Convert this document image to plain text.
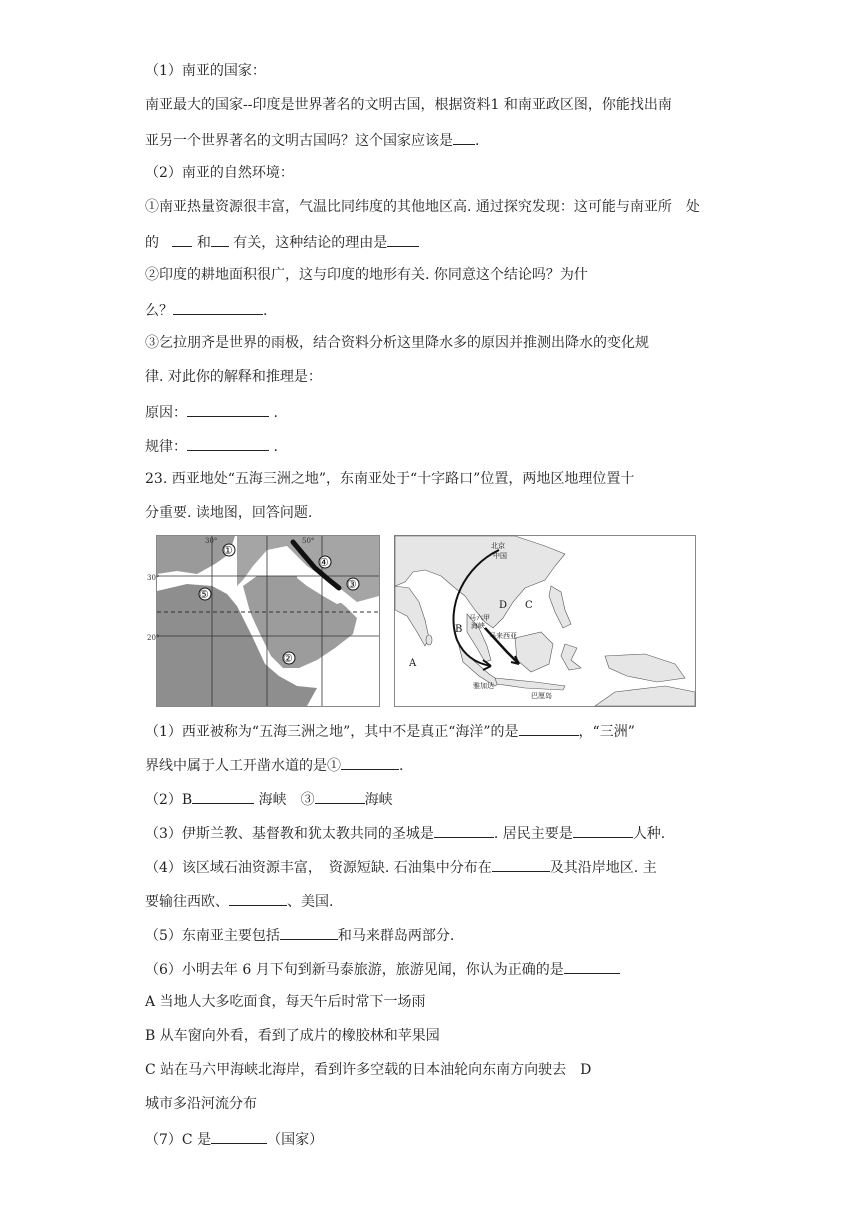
（1）南亚的国家：
南亚最大的国家--印度是世界著名的文明古国，根据资料1 和南亚政区图，你能找出南
亚另一个世界著名的文明古国吗？这个国家应该是 .
（2）南亚的自然环境：
①南亚热量资源很丰富，气温比同纬度的其他地区高. 通过探究发现：这可能与南亚所　处
的	和 有关，这种结论的理由是
②印度的耕地面积很广，这与印度的地形有关. 你同意这个结论吗？为什
么？	.
③乞拉朋齐是世界的雨极，结合资料分析这里降水多的原因并推测出降水的变化规
律. 对此你的解释和推理是：
原因：	.
规律：	.
23. 西亚地处“五海三洲之地”，东南亚处于“十字路口”位置，两地区地理位置十
分重要. 读地图，回答问题.
30°	50°
30°
20°
①
⑤
④
③
②
北京
中国
马六甲
海峡
马来西亚
雅加达
巴厘岛
A
B
C
D
（1）西亚被称为“五海三洲之地”，其中不是真正“海洋”的是	，“三洲”
界线中属于人工开凿水道的是①	.
（2）B	海峡　③	海峡
（3）伊斯兰教、基督教和犹太教共同的圣城是	. 居民主要是	人种.
（4）该区域石油资源丰富，　资源短缺. 石油集中分布在	及其沿岸地区. 主
要输往西欧、	、美国.
（5）东南亚主要包括	和马来群岛两部分.
（6）小明去年 6 月下旬到新马泰旅游，旅游见闻，你认为正确的是
A 当地人大多吃面食，每天午后时常下一场雨
B 从车窗向外看，看到了成片的橡胶林和苹果园
C 站在马六甲海峡北海岸，看到许多空载的日本油轮向东南方向驶去　D
城市多沿河流分布
（7）C 是	（国家）
